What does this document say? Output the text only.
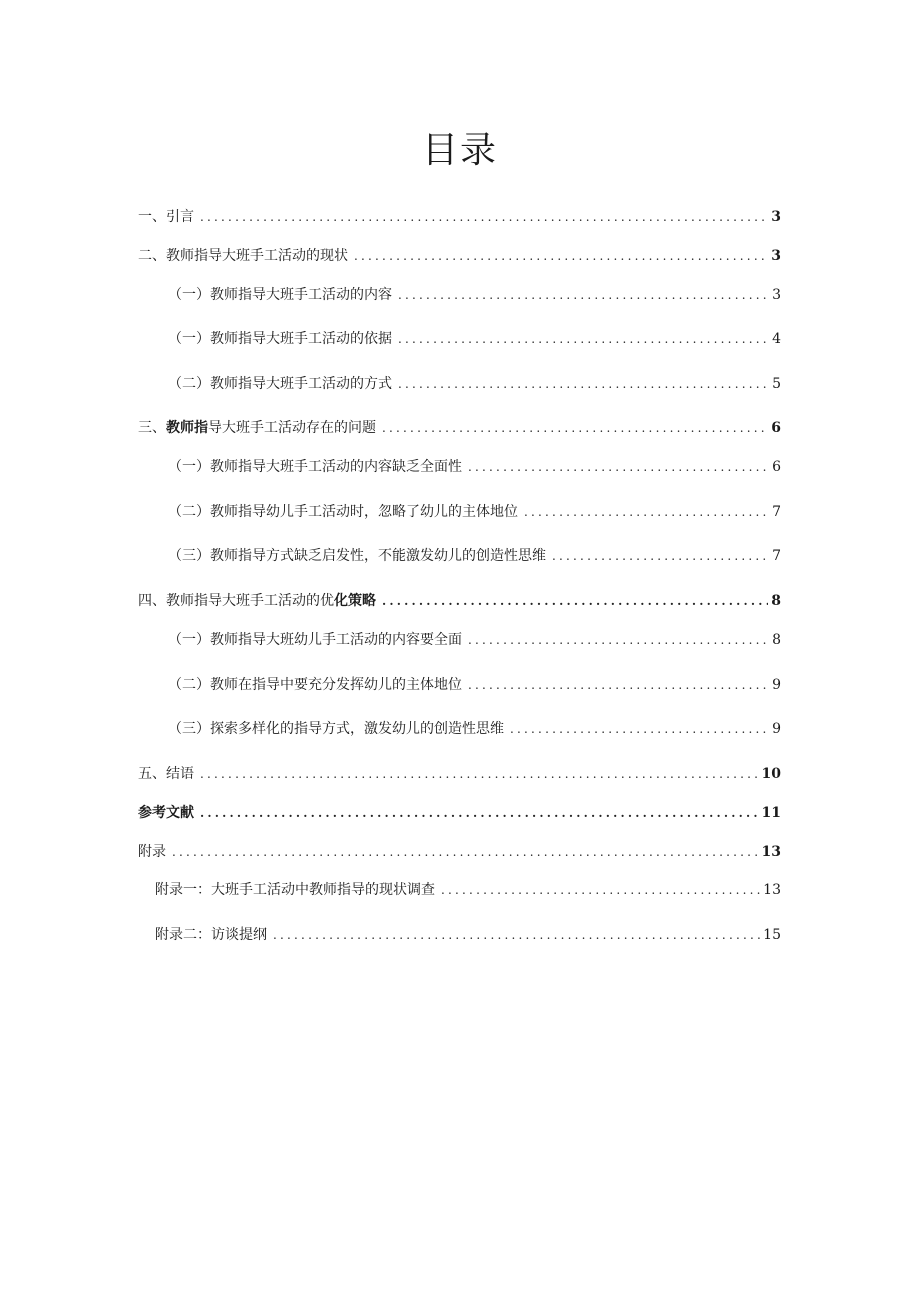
目录
一、引言 .....	3
二、教师指导大班手工活动的现状 .....	3
（一）教师指导大班手工活动的内容 .....	3
（一）教师指导大班手工活动的依据 .....	4
（二）教师指导大班手工活动的方式 .....	5
三、教师指导大班手工活动存在的问题 .....	6
（一）教师指导大班手工活动的内容缺乏全面性 .....	6
（二）教师指导幼儿手工活动时，忽略了幼儿的主体地位 .....	7
（三）教师指导方式缺乏启发性，不能激发幼儿的创造性思维 .....	7
四、教师指导大班手工活动的优化策略 .....	8
（一）教师指导大班幼儿手工活动的内容要全面 .....	8
（二）教师在指导中要充分发挥幼儿的主体地位 .....	9
（三）探索多样化的指导方式，激发幼儿的创造性思维 .....	9
五、结语 .....	10
参考文献 .....	11
附录 .....	13
附录一：大班手工活动中教师指导的现状调查 .....	13
附录二：访谈提纲 .....	15
